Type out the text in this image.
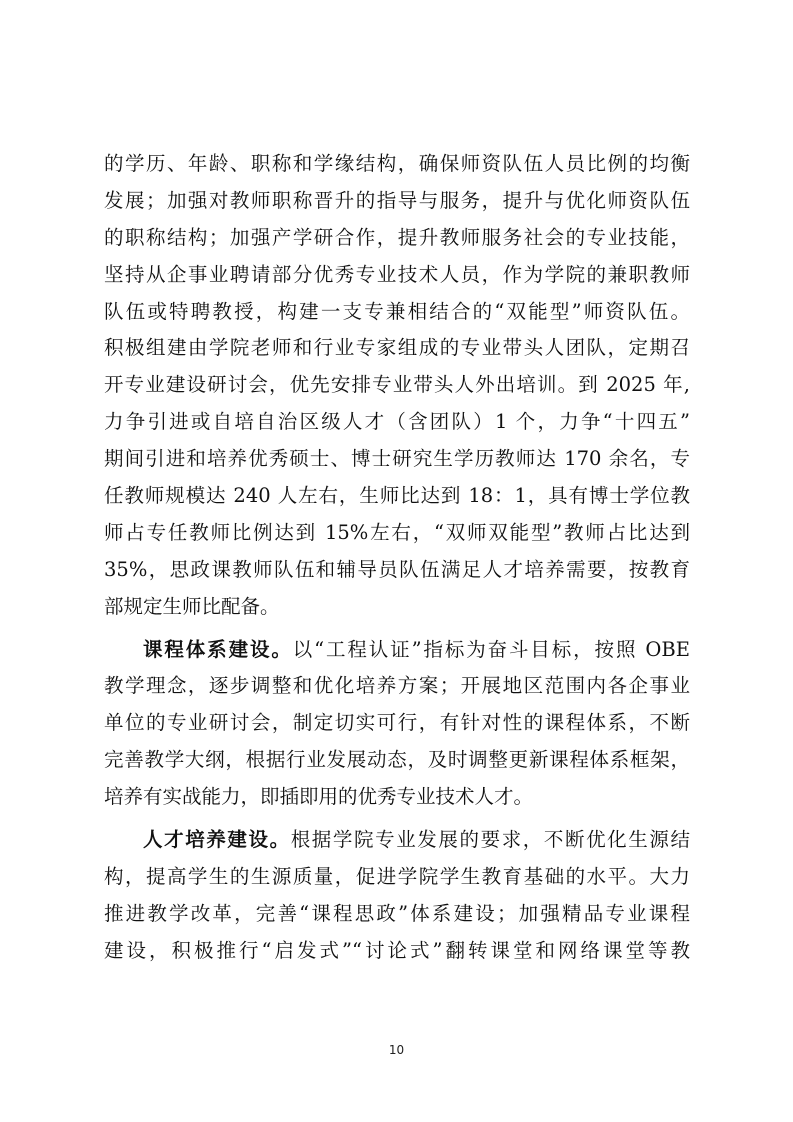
的学历、年龄、职称和学缘结构，确保师资队伍人员比例的均衡
发展；加强对教师职称晋升的指导与服务，提升与优化师资队伍
的职称结构；加强产学研合作，提升教师服务社会的专业技能，
坚持从企事业聘请部分优秀专业技术人员，作为学院的兼职教师
队伍或特聘教授，构建一支专兼相结合的“双能型”师资队伍。
积极组建由学院老师和行业专家组成的专业带头人团队，定期召
开专业建设研讨会，优先安排专业带头人外出培训。到 2025 年,
力争引进或自培自治区级人才（含团队）1 个，力争“十四五”
期间引进和培养优秀硕士、博士研究生学历教师达 170 余名，专
任教师规模达 240 人左右，生师比达到 18：1，具有博士学位教
师占专任教师比例达到 15%左右，“双师双能型”教师占比达到
35%，思政课教师队伍和辅导员队伍满足人才培养需要，按教育
部规定生师比配备。
课程体系建设。以“工程认证”指标为奋斗目标，按照 OBE
教学理念，逐步调整和优化培养方案；开展地区范围内各企事业
单位的专业研讨会，制定切实可行，有针对性的课程体系，不断
完善教学大纲，根据行业发展动态，及时调整更新课程体系框架，
培养有实战能力，即插即用的优秀专业技术人才。
人才培养建设。根据学院专业发展的要求，不断优化生源结
构，提高学生的生源质量，促进学院学生教育基础的水平。大力
推进教学改革，完善“课程思政”体系建设；加强精品专业课程
建设，积极推行“启发式”“讨论式”翻转课堂和网络课堂等教
10
